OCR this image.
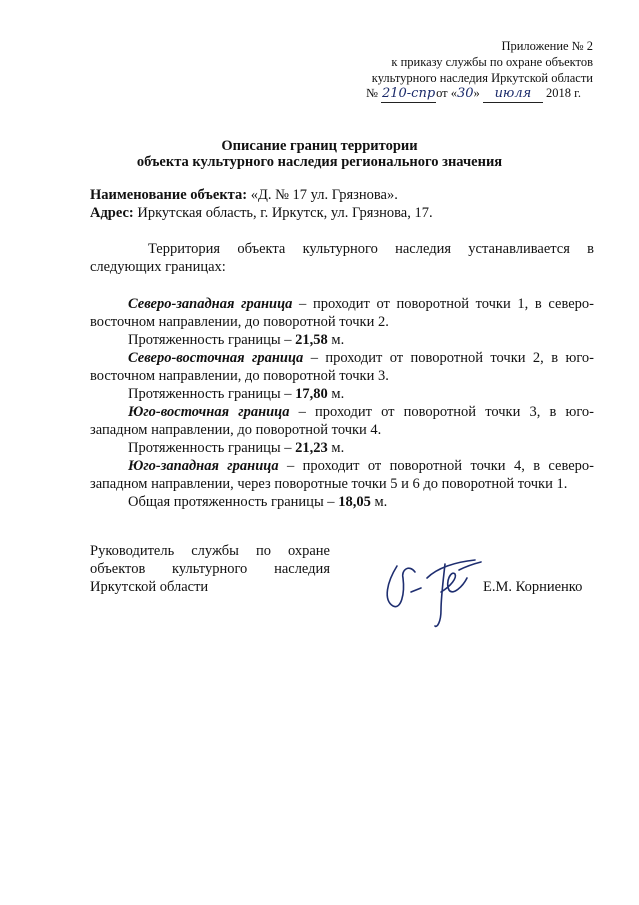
Приложение № 2
к приказу службы по охране объектов
культурного наследия Иркутской области
№ 210-спрот «30» июля 2018 г.
Описание границ территории
объекта культурного наследия регионального значения
Наименование объекта: «Д. № 17 ул. Грязнова».
Адрес: Иркутская область, г. Иркутск, ул. Грязнова, 17.
Территория объекта культурного наследия устанавливается в
следующих границах:
Северо-западная граница – проходит от поворотной точки 1, в северо-
восточном направлении, до поворотной точки 2.
Протяженность границы – 21,58 м.
Северо-восточная граница – проходит от поворотной точки 2, в юго-
восточном направлении, до поворотной точки 3.
Протяженность границы – 17,80 м.
Юго-восточная граница – проходит от поворотной точки 3, в юго-
западном направлении, до поворотной точки 4.
Протяженность границы – 21,23 м.
Юго-западная граница – проходит от поворотной точки 4, в северо-
западном направлении, через поворотные точки 5 и 6 до поворотной точки 1.
Общая протяженность границы – 18,05 м.
Руководитель службы по охране
объектов культурного наследия
Иркутской области	Е.М. Корниенко
